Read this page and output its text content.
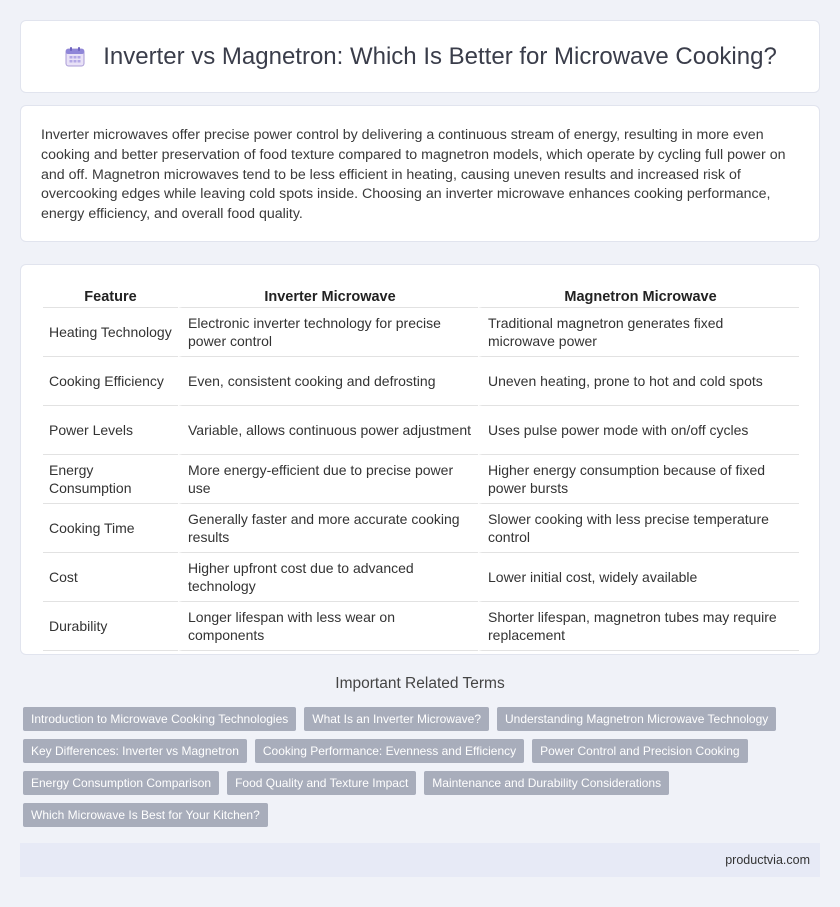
Inverter vs Magnetron: Which Is Better for Microwave Cooking?

Inverter microwaves offer precise power control by delivering a continuous stream of energy, resulting in more even cooking and better preservation of food texture compared to magnetron models, which operate by cycling full power on and off. Magnetron microwaves tend to be less efficient in heating, causing uneven results and increased risk of overcooking edges while leaving cold spots inside. Choosing an inverter microwave enhances cooking performance, energy efficiency, and overall food quality.

Feature	Inverter Microwave	Magnetron Microwave
Heating Technology	Electronic inverter technology for precise power control	Traditional magnetron generates fixed microwave power
Cooking Efficiency	Even, consistent cooking and defrosting	Uneven heating, prone to hot and cold spots
Power Levels	Variable, allows continuous power adjustment	Uses pulse power mode with on/off cycles
Energy Consumption	More energy-efficient due to precise power use	Higher energy consumption because of fixed power bursts
Cooking Time	Generally faster and more accurate cooking results	Slower cooking with less precise temperature control
Cost	Higher upfront cost due to advanced technology	Lower initial cost, widely available
Durability	Longer lifespan with less wear on components	Shorter lifespan, magnetron tubes may require replacement
Important Related Terms
Introduction to Microwave Cooking Technologies	What Is an Inverter Microwave?	Understanding Magnetron Microwave Technology
Key Differences: Inverter vs Magnetron	Cooking Performance: Evenness and Efficiency	Power Control and Precision Cooking
Energy Consumption Comparison	Food Quality and Texture Impact	Maintenance and Durability Considerations
Which Microwave Is Best for Your Kitchen?
productvia.com
